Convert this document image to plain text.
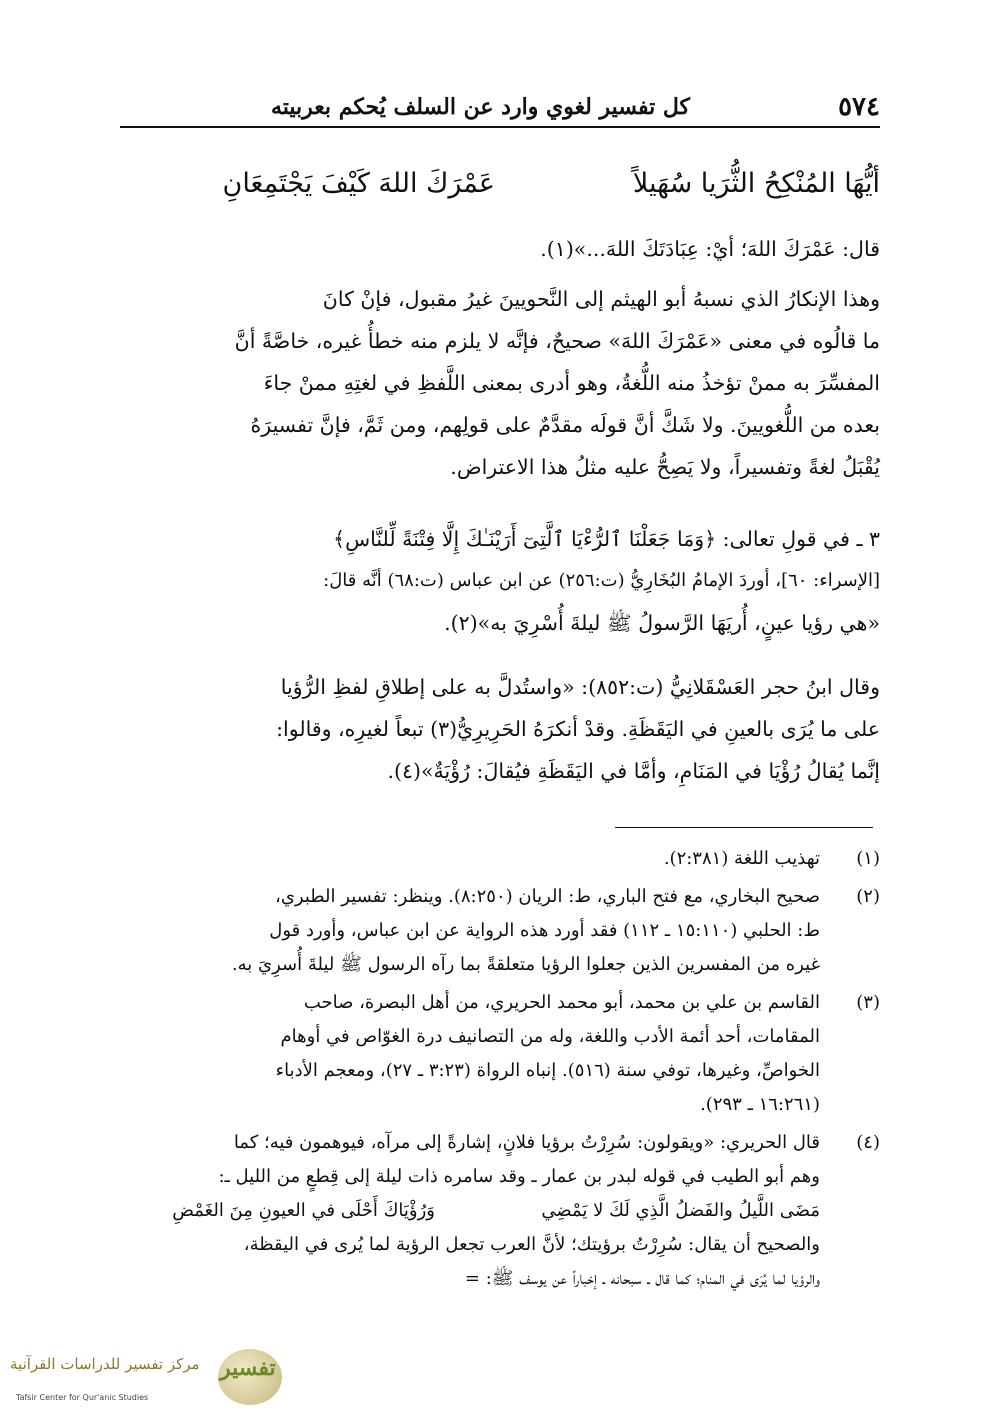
٥٧٤
كل تفسير لغوي وارد عن السلف يُحكم بعربيته
أيُّهَا المُنْكِحُ الثُّرَيا سُهَيلاً
عَمْرَكَ اللهَ كَيْفَ يَجْتَمِعَانِ
قال: عَمْرَكَ اللهَ؛ أيْ: عِبَادَتَكَ اللهَ...»(١).
وهذا الإنكارُ الذي نسبهُ أبو الهيثم إلى النَّحويينَ غيرُ مقبول، فإنْ كانَ
ما قالُوه في معنى «عَمْرَكَ اللهَ» صحيحٌ، فإنَّه لا يلزم منه خطأُ غيره، خاصَّةً أنَّ
المفسِّرَ به ممنْ تؤخذُ منه اللُّغةُ، وهو أدرى بمعنى اللَّفظِ في لغتِهِ ممنْ جاءَ
بعده من اللُّغويينَ. ولا شَكَّ أنَّ قولَه مقدَّمٌ على قولِهم، ومن ثَمَّ، فإنَّ تفسيرَهُ
يُقْبَلُ لغةً وتفسيراً، ولا يَصِحُّ عليه مثلُ هذا الاعتراض.
٣ ـ في قولِ تعالى: ﴿وَمَا جَعَلْنَا ٱلرُّءْيَا ٱلَّتِىٓ أَرَيْنَـٰكَ إِلَّا فِتْنَةً لِّلنَّاسِ﴾
[الإسراء: ٦٠]، أوردَ الإمامُ البُخَارِيُّ (ت:٢٥٦) عن ابن عباس (ت:٦٨) أنَّه قالَ:
«هي رؤيا عينٍ، أُريَهَا الرَّسولُ ﷺ ليلةَ أُسْرِيَ به»(٢).
وقال ابنُ حجر العَسْقَلانِيُّ (ت:٨٥٢): «واستُدلَّ به على إطلاقِ لفظِ الرُّؤيا
على ما يُرَى بالعينِ في اليَقَظَةِ. وقدْ أنكرَهُ الحَرِيرِيُّ(٣) تبعاً لغيرِه، وقالوا:
إنَّما يُقالُ رُؤْيَا في المَنَامِ، وأمَّا في اليَقَظَةِ فيُقالَ: رُؤْيَةٌ»(٤).
(١)
تهذيب اللغة (٢:٣٨١).
(٢)
صحيح البخاري، مع فتح الباري، ط: الريان (٨:٢٥٠). وينظر: تفسير الطبري،
ط: الحلبي (١٥:١١٠ ـ ١١٢) فقد أورد هذه الرواية عن ابن عباس، وأورد قول
غيره من المفسرين الذين جعلوا الرؤيا متعلقةً بما رآه الرسول ﷺ ليلةَ أُسرِيَ به.
(٣)
القاسم بن علي بن محمد، أبو محمد الحريري، من أهل البصرة، صاحب
المقامات، أحد أئمة الأدب واللغة، وله من التصانيف درة الغوّاص في أوهام
الخواصِّ، وغيرها، توفي سنة (٥١٦). إنباه الرواة (٣:٢٣ ـ ٢٧)، ومعجم الأدباء
(١٦:٢٦١ ـ ٢٩٣).
(٤)
قال الحريري: «ويقولون: سُرِرْتُ برؤيا فلانٍ، إشارةً إلى مرآه، فيوهمون فيه؛ كما
وهم أبو الطيب في قوله لبدر بن عمار ـ وقد سامره ذات ليلة إلى قِطعٍ من الليل ـ:
مَضَى اللَّيلُ والفَضلُ الَّذِي لَكَ لا يَمْضِي
وَرُؤْيَاكَ أَحْلَى في العيونِ مِنَ الغَمْضِ
والصحيح أن يقال: سُرِرْتُ برؤيتك؛ لأنَّ العرب تجعل الرؤية لما يُرى في اليقظة،
والرؤيا لما يُرَى في المنام؛ كما قال ـ سبحانه ـ إخباراً عن يوسف ﷺ: =
تفسير
مركز تفسير للدراسات القرآنية
Tafsir Center for Qur'anic Studies
